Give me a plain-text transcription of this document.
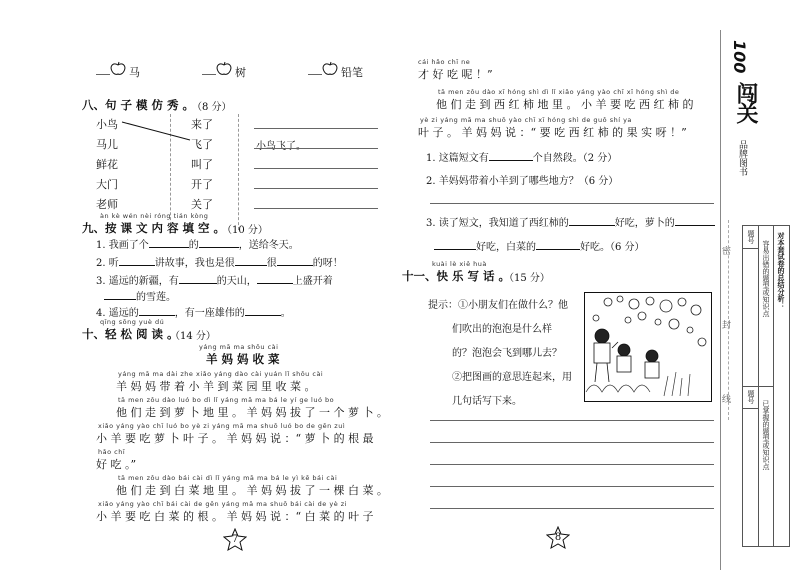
马	树	铅笔
八、句 子 模 仿 秀 。
（8 分）
小鸟
马儿
鲜花
大门
老师
来了
飞了
叫了
开了
关了
小鸟飞了。
àn kè wén nèi róng tián kòng
九、按 课 文 内 容 填 空 。
（10 分）
1. 我画了个	的	，送给冬天。
2. 听	讲故事，我也是很	很	的呀！
3. 遥远的新疆，有	的天山，	上盛开着
的雪莲。
4. 遥远的	，有一座雄伟的	。
qīng sōng yuè dú
十、轻 松 阅 读 。
（14 分）
yáng mā ma shōu cài
羊 妈 妈 收 菜
yáng mā ma dài zhe xiǎo yáng dào cài yuán lǐ shōu cài
羊 妈 妈 带 着 小 羊 到 菜 园 里 收 菜 。
tā men zǒu dào luó bo dì lǐ yáng mā ma bá le yí ge luó bo
他 们 走 到 萝 卜 地 里 。 羊 妈 妈 拔 了 一 个 萝 卜 。
xiǎo yáng yào chī luó bo yè zi yáng mā ma shuō luó bo de gēn zuì
小 羊 要 吃 萝 卜 叶 子 。 羊 妈 妈 说 ：“ 萝 卜 的 根 最
hǎo chī
好 吃 。”
tā men zǒu dào bái cài dì lǐ yáng mā ma bá le yì kē bái cài
他 们 走 到 白 菜 地 里 。 羊 妈 妈 拔 了 一 棵 白 菜 。
xiǎo yáng yào chī bái cài de gēn yáng mā ma shuō bái cài de yè zi
小 羊 要 吃 白 菜 的 根 。 羊 妈 妈 说 ：“ 白 菜 的 叶 子
7
cái hǎo chī ne
才 好 吃 呢 ！”
tā men zǒu dào xī hóng shì dì lǐ xiǎo yáng yào chī xī hóng shì de
他 们 走 到 西 红 柿 地 里 。 小 羊 要 吃 西 红 柿 的
yè zi yáng mā ma shuō yào chī xī hóng shì de guǒ shí ya
叶 子 。 羊 妈 妈 说 ：“ 要 吃 西 红 柿 的 果 实 呀 ！”
1. 这篇短文有	个自然段。（2 分）
2. 羊妈妈带着小羊到了哪些地方？（6 分）
3. 读了短文，我知道了西红柿的	好吃，萝卜的
好吃，白菜的	好吃。（6 分）
kuài lè xiě huà
十一、快 乐 写 话 。
（15 分）
提示：①小朋友们在做什么？他
们吹出的泡泡是什么样
的？泡泡会飞到哪儿去？
②把图画的意思连起来，用
几句话写下来。
8
100
闯关
品牌图书
密
封
线
对本套试卷的总结分析：
题号
容易出错的题型或知识点
题号
已掌握的题型或知识点
